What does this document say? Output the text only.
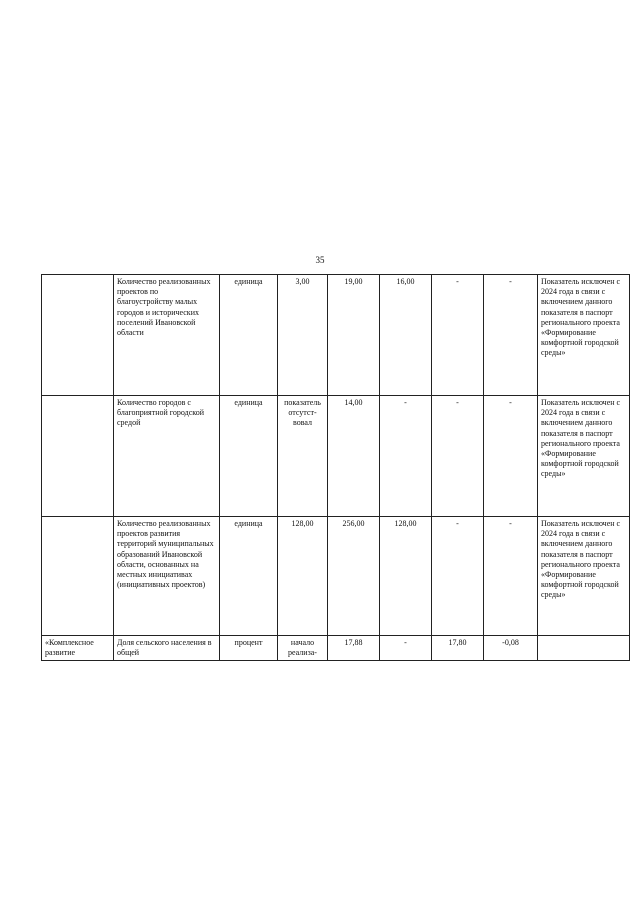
35
	Количество реализованных проектов по благоустройству малых городов и исторических поселений Ивановской области	единица	3,00	19,00	16,00	-	-	Показатель исключен с 2024 года в связи с включением данного показателя в паспорт регионального проекта «Формирование комфортной городской среды»
	Количество городов с благоприятной городской средой	единица	показатель отсутст-вовал	14,00	-	-	-	Показатель исключен с 2024 года в связи с включением данного показателя в паспорт регионального проекта «Формирование комфортной городской среды»
	Количество реализованных проектов развития территорий муниципальных образований Ивановской области, основанных на местных инициативах (инициативных проектов)	единица	128,00	256,00	128,00	-	-	Показатель исключен с 2024 года в связи с включением данного показателя в паспорт регионального проекта «Формирование комфортной городской среды»
«Комплексное развитие	Доля сельского населения в общей	процент	начало реализа-	17,88	-	17,80	-0,08	
